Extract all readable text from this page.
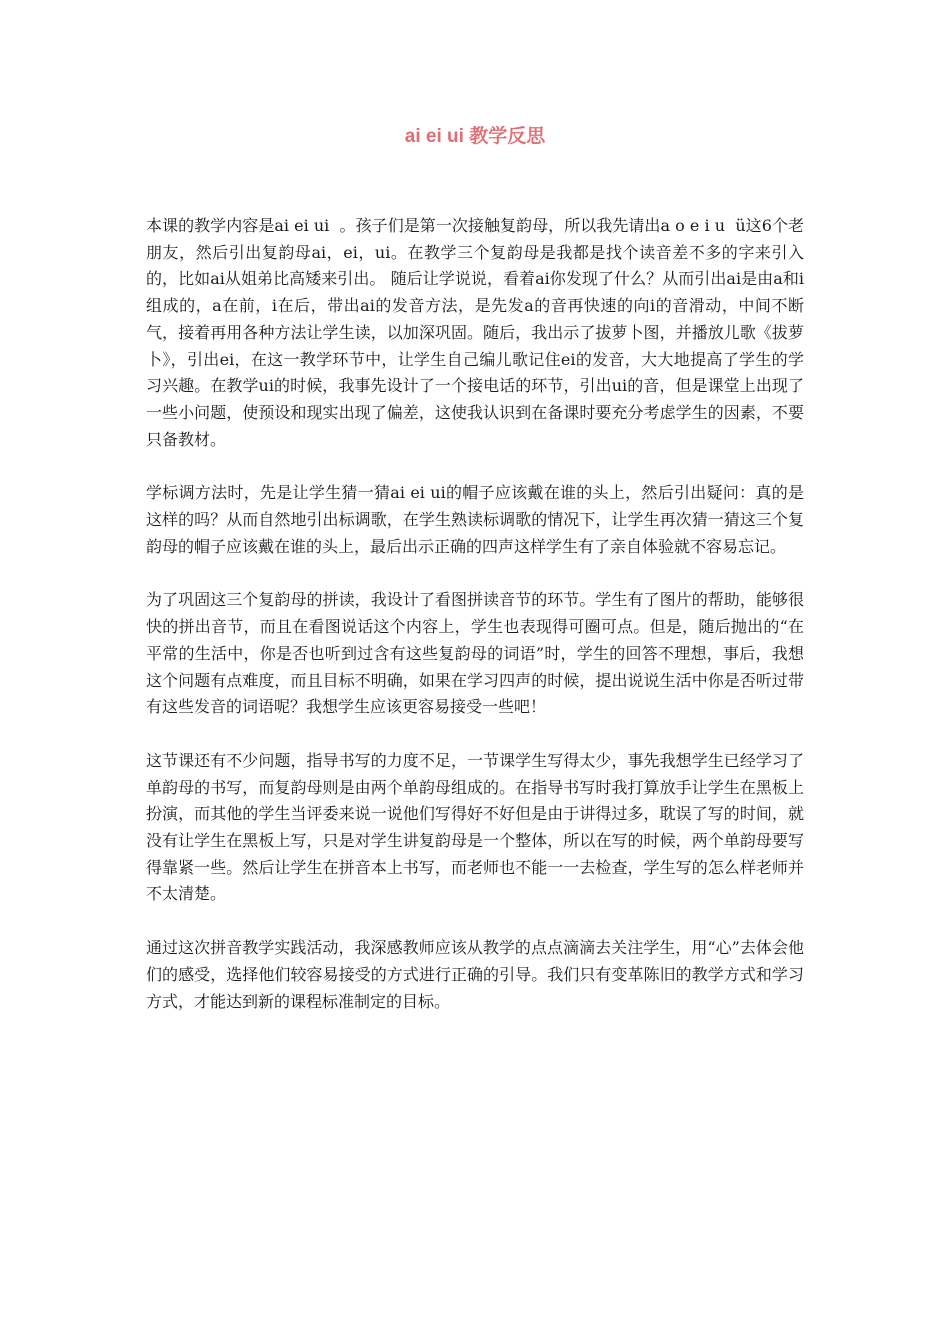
ai ei ui 教学反思

本课的教学内容是ai ei ui  。孩子们是第一次接触复韵母，所以我先请出a o e i u  ü这6个老朋友，然后引出复韵母ai，ei，ui。在教学三个复韵母是我都是找个读音差不多的字来引入的，比如ai从姐弟比高矮来引出。 随后让学说说，看着ai你发现了什么？从而引出ai是由a和i组成的，a在前，i在后，带出ai的发音方法，是先发a的音再快速的向i的音滑动，中间不断气，接着再用各种方法让学生读，以加深巩固。随后，我出示了拔萝卜图，并播放儿歌《拔萝卜》，引出ei，在这一教学环节中，让学生自己编儿歌记住ei的发音，大大地提高了学生的学习兴趣。在教学ui的时候，我事先设计了一个接电话的环节，引出ui的音，但是课堂上出现了一些小问题，使预设和现实出现了偏差，这使我认识到在备课时要充分考虑学生的因素，不要只备教材。

学标调方法时，先是让学生猜一猜ai ei ui的帽子应该戴在谁的头上，然后引出疑问：真的是这样的吗？从而自然地引出标调歌，在学生熟读标调歌的情况下，让学生再次猜一猜这三个复韵母的帽子应该戴在谁的头上，最后出示正确的四声这样学生有了亲自体验就不容易忘记。

为了巩固这三个复韵母的拼读，我设计了看图拼读音节的环节。学生有了图片的帮助，能够很快的拼出音节，而且在看图说话这个内容上，学生也表现得可圈可点。但是，随后抛出的“在平常的生活中，你是否也听到过含有这些复韵母的词语”时，学生的回答不理想，事后，我想这个问题有点难度，而且目标不明确，如果在学习四声的时候，提出说说生活中你是否听过带有这些发音的词语呢？我想学生应该更容易接受一些吧！

这节课还有不少问题，指导书写的力度不足，一节课学生写得太少，事先我想学生已经学习了单韵母的书写，而复韵母则是由两个单韵母组成的。在指导书写时我打算放手让学生在黑板上扮演，而其他的学生当评委来说一说他们写得好不好但是由于讲得过多，耽误了写的时间，就没有让学生在黑板上写，只是对学生讲复韵母是一个整体，所以在写的时候，两个单韵母要写得靠紧一些。然后让学生在拼音本上书写，而老师也不能一一去检查，学生写的怎么样老师并不太清楚。

通过这次拼音教学实践活动，我深感教师应该从教学的点点滴滴去关注学生，用“心”去体会他们的感受，选择他们较容易接受的方式进行正确的引导。我们只有变革陈旧的教学方式和学习方式，才能达到新的课程标准制定的目标。
